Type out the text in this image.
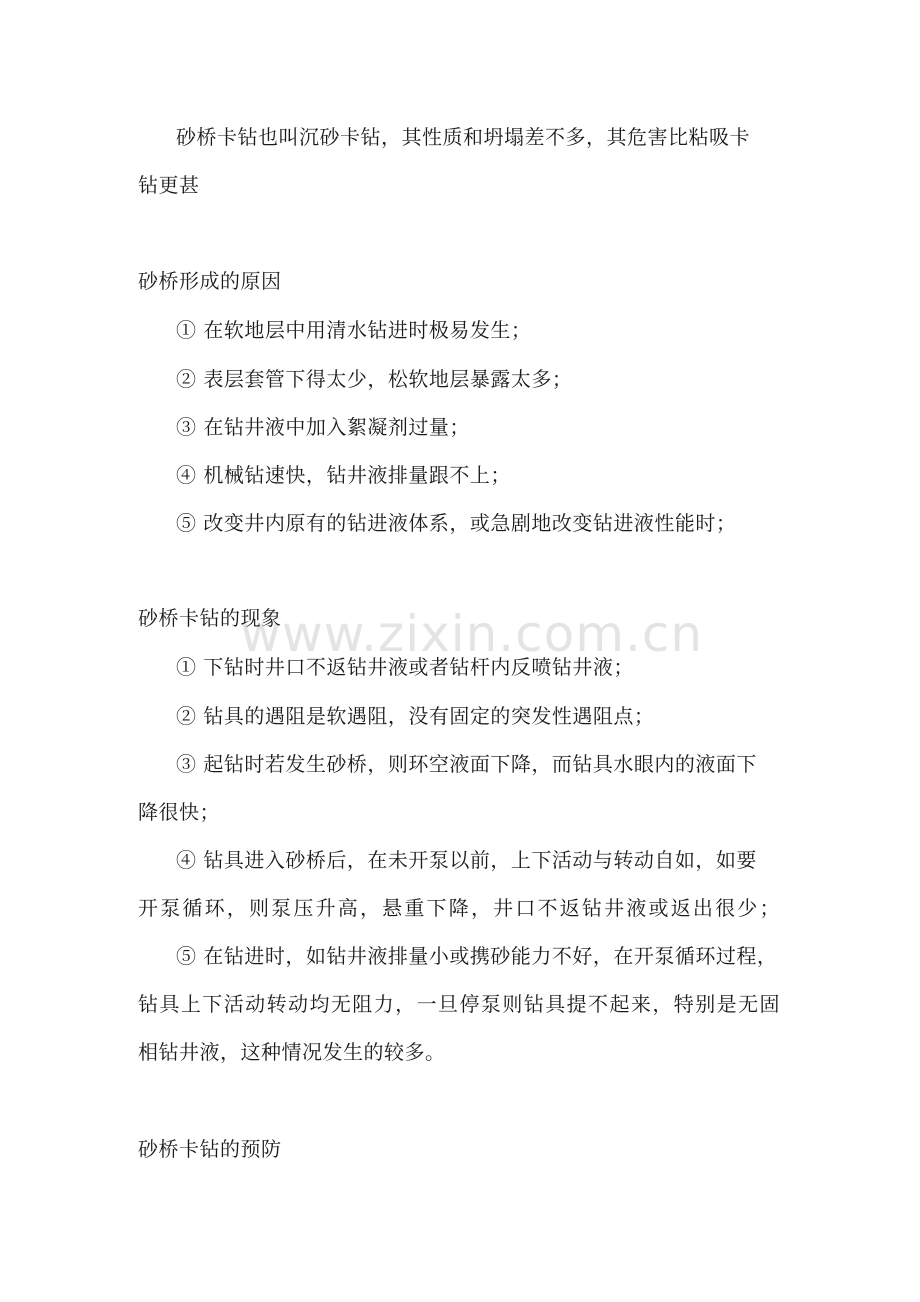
www.zixin.com.cn
砂桥卡钻也叫沉砂卡钻，其性质和坍塌差不多，其危害比粘吸卡
钻更甚
砂桥形成的原因
① 在软地层中用清水钻进时极易发生；
② 表层套管下得太少，松软地层暴露太多；
③ 在钻井液中加入絮凝剂过量；
④ 机械钻速快，钻井液排量跟不上；
⑤ 改变井内原有的钻进液体系，或急剧地改变钻进液性能时；
砂桥卡钻的现象
① 下钻时井口不返钻井液或者钻杆内反喷钻井液；
② 钻具的遇阻是软遇阻，没有固定的突发性遇阻点；
③ 起钻时若发生砂桥，则环空液面下降，而钻具水眼内的液面下
降很快；
④ 钻具进入砂桥后，在未开泵以前，上下活动与转动自如，如要
开泵循环，则泵压升高，悬重下降，井口不返钻井液或返出很少；
⑤ 在钻进时，如钻井液排量小或携砂能力不好，在开泵循环过程，
钻具上下活动转动均无阻力，一旦停泵则钻具提不起来，特别是无固
相钻井液，这种情况发生的较多。
砂桥卡钻的预防
